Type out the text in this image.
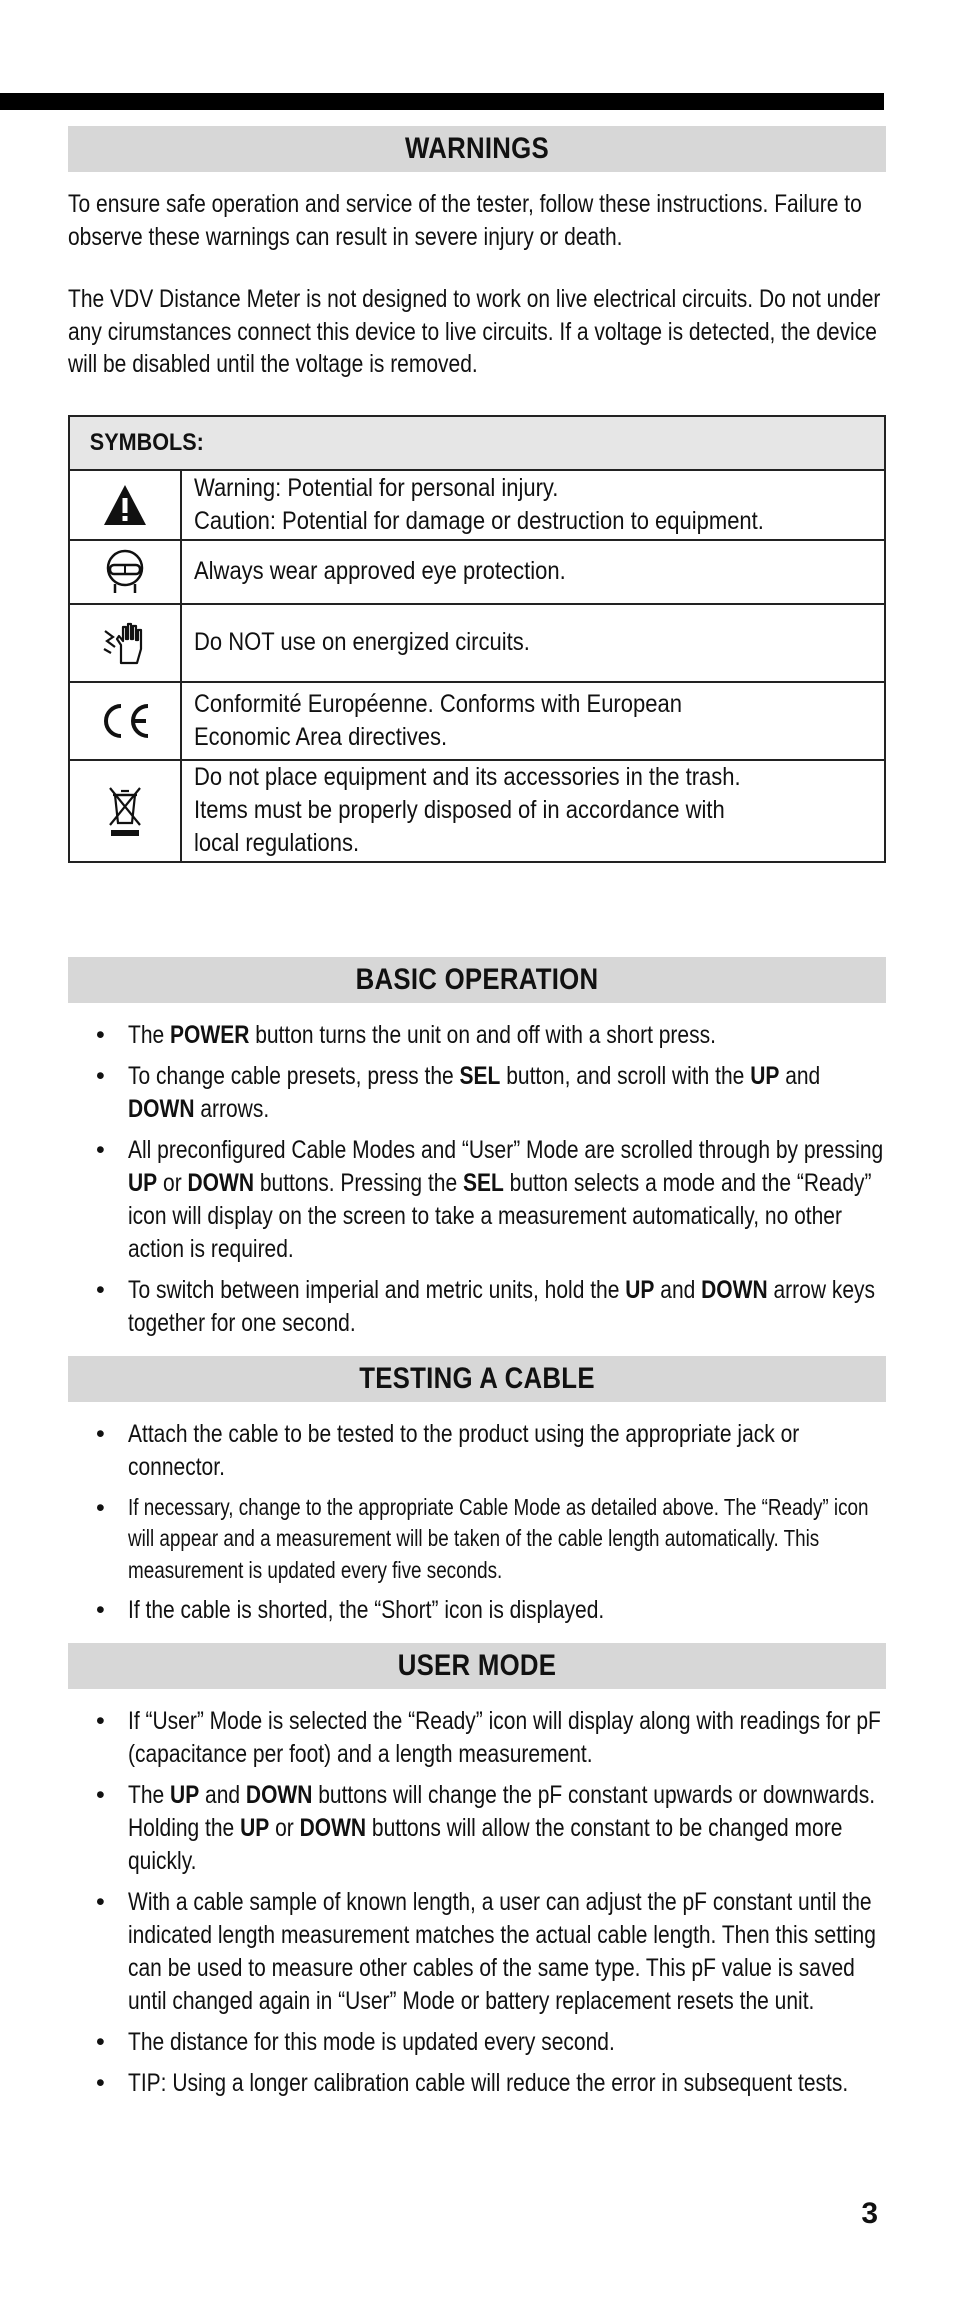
WARNINGS

To ensure safe operation and service of the tester, follow these instructions. Failure to observe these warnings can result in severe injury or death.

The VDV Distance Meter is not designed to work on live electrical circuits. Do not under any cirumstances connect this device to live circuits. If a voltage is detected, the device will be disabled until the voltage is removed.

SYMBOLS:	

Warning: Potential for personal injury.
Caution: Potential for damage or destruction to equipment.

Always wear approved eye protection.

Do NOT use on energized circuits.

Conformité Européenne. Conforms with European
Economic Area directives.

Do not place equipment and its accessories in the trash.
Items must be properly disposed of in accordance with
local regulations.
BASIC OPERATION
• The POWER button turns the unit on and off with a short press.
• To change cable presets, press the SEL button, and scroll with the UP and DOWN arrows.
• All preconfigured Cable Modes and “User” Mode are scrolled through by pressing UP or DOWN buttons. Pressing the SEL button selects a mode and the “Ready” icon will display on the screen to take a measurement automatically, no other action is required.
• To switch between imperial and metric units, hold the UP and DOWN arrow keys together for one second.
TESTING A CABLE
• Attach the cable to be tested to the product using the appropriate jack or connector.
• If necessary, change to the appropriate Cable Mode as detailed above. The “Ready” icon will appear and a measurement will be taken of the cable length automatically. This measurement is updated every five seconds.
• If the cable is shorted, the “Short” icon is displayed.
USER MODE
• If “User” Mode is selected the “Ready” icon will display along with readings for pF (capacitance per foot) and a length measurement.
• The UP and DOWN buttons will change the pF constant upwards or downwards. Holding the UP or DOWN buttons will allow the constant to be changed more quickly.
• With a cable sample of known length, a user can adjust the pF constant until the indicated length measurement matches the actual cable length. Then this setting can be used to measure other cables of the same type. This pF value is saved until changed again in “User” Mode or battery replacement resets the unit.
• The distance for this mode is updated every second.
• TIP: Using a longer calibration cable will reduce the error in subsequent tests.
3
